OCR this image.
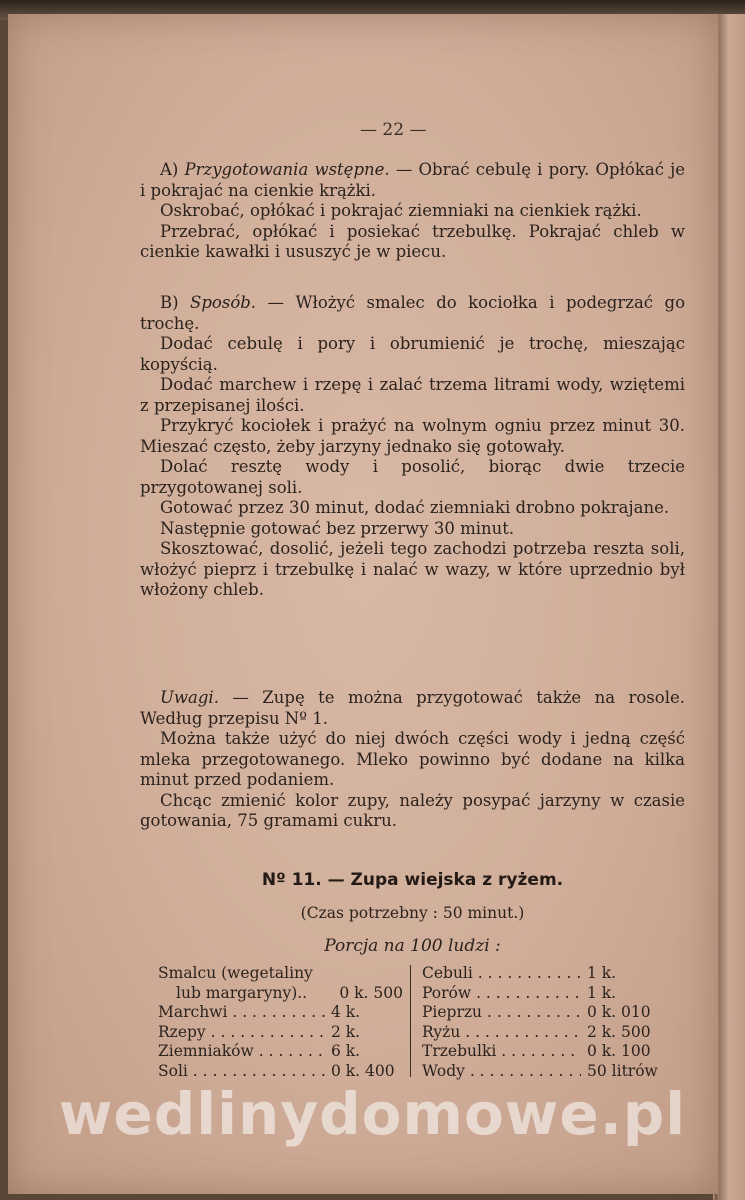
— 22 —

A) Przygotowania wstępne. — Obrać cebulę i pory. Opłókać je i pokrajać na cienkie krążki.

Oskrobać, opłókać i pokrajać ziemniaki na cienkiek rążki.

Przebrać, opłókać i posiekać trzebulkę. Pokrajać chleb w cienkie kawałki i ususzyć je w piecu.

B) Sposób. — Włożyć smalec do kociołka i podegrzać go trochę.

Dodać cebulę i pory i obrumienić je trochę, mieszając kopyścią.

Dodać marchew i rzepę i zalać trzema litrami wody, wziętemi z przepisanej ilości.

Przykryć kociołek i prażyć na wolnym ogniu przez minut 30. Mieszać często, żeby jarzyny jednako się gotowały.

Dolać resztę wody i posolić, biorąc dwie trzecie przygotowanej soli.

Gotować przez 30 minut, dodać ziemniaki drobno pokrajane.

Następnie gotować bez przerwy 30 minut.

Skosztować, dosolić, jeżeli tego zachodzi potrzeba reszta soli, włożyć pieprz i trzebulkę i nalać w wazy, w które uprzednio był włożony chleb.

Uwagi. — Zupę te można przygotować także na rosole. Według przepisu Nº 1.

Można także użyć do niej dwóch części wody i jedną część mleka przegotowanego. Mleko powinno być dodane na kilka minut przed podaniem.

Chcąc zmienić kolor zupy, należy posypać jarzyny w czasie gotowania, 75 gramami cukru.

Nº 11. — Zupa wiejska z ryżem.
(Czas potrzebny : 50 minut.)
Porcja na 100 ludzi :
Smalcu (wegetaliny
lub margaryny)..	0 k. 500
Marchwi . . .	4 k.
Rzepy . . .	2 k.
Ziemniaków . . .	6 k.
Soli . . .	0 k. 400
Cebuli . . .	1 k.
Porów . . .	1 k.
Pieprzu . . .	0 k. 010
Ryżu . . .	2 k. 500
Trzebulki . . .	0 k. 100
Wody . . .	50 litrów
wedlinydomowe.pl
